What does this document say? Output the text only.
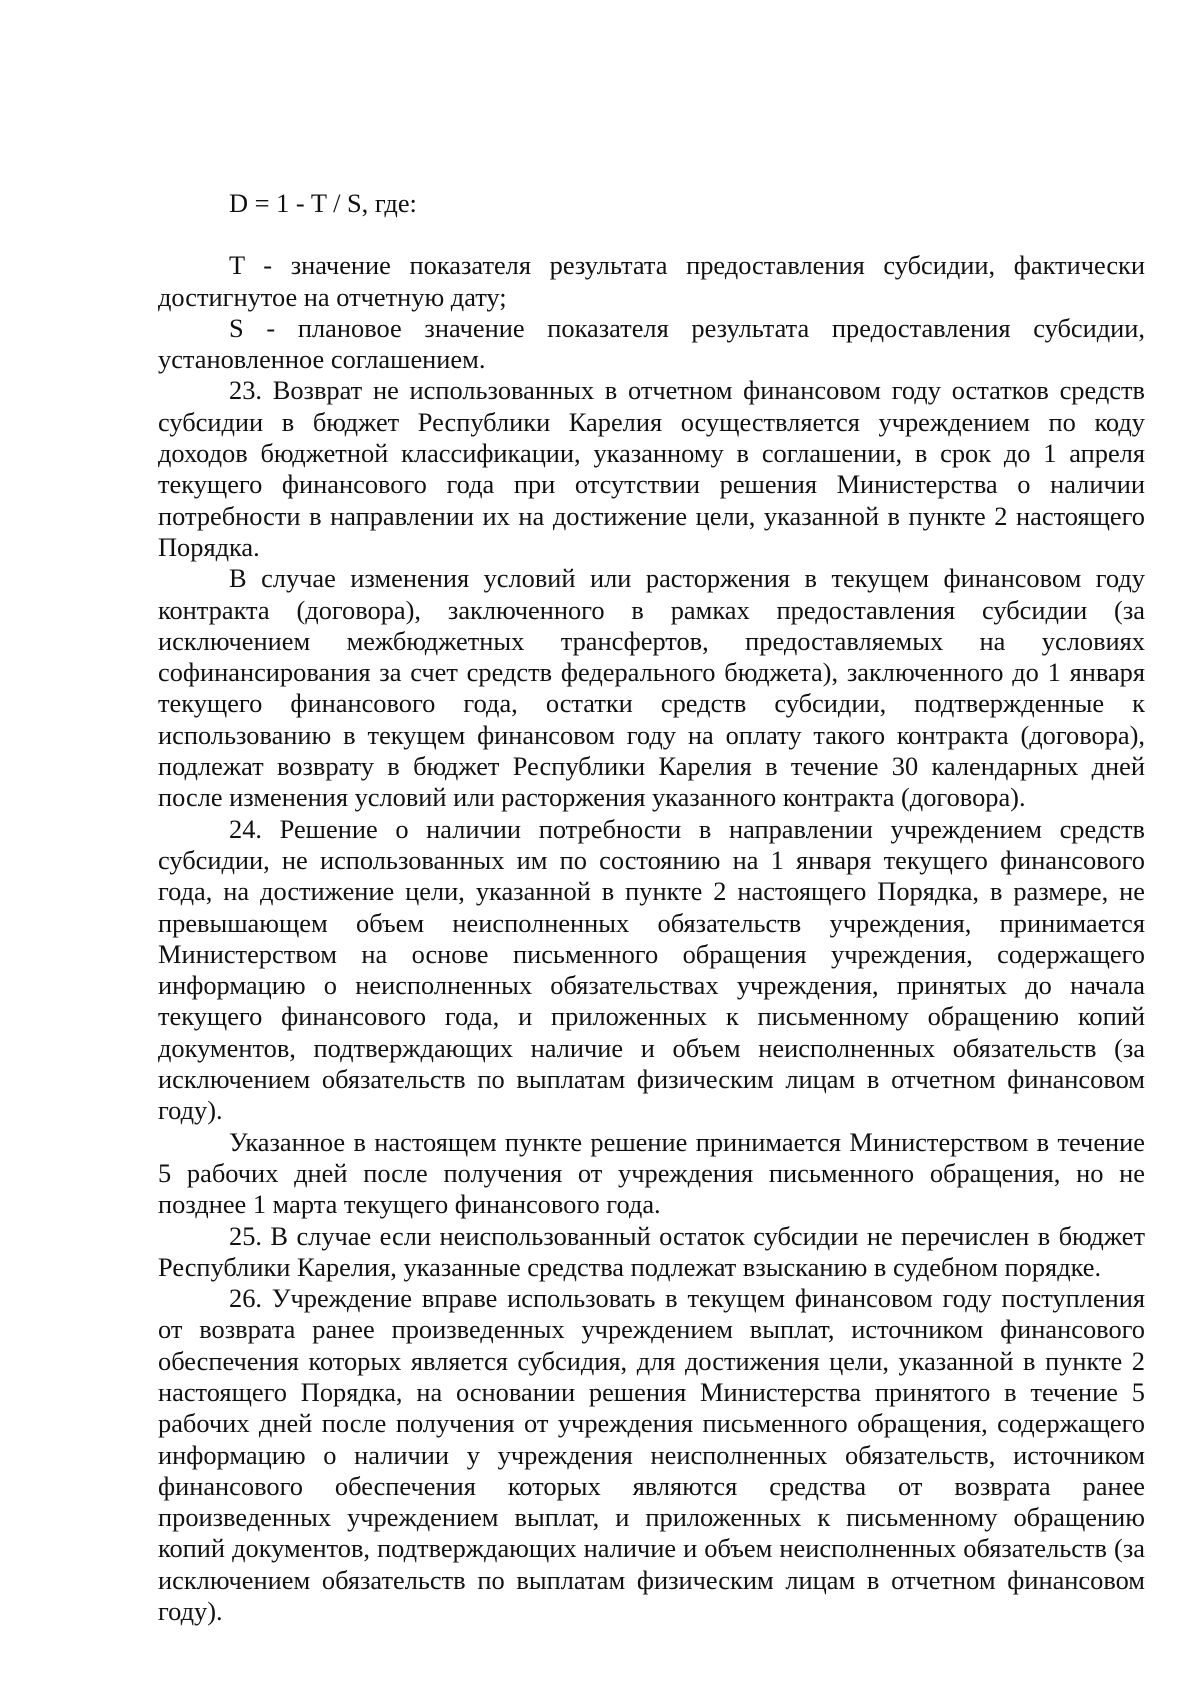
D = 1 - T / S, где:

T - значение показателя результата предоставления субсидии, фактически достигнутое на отчетную дату;

S - плановое значение показателя результата предоставления субсидии, установленное соглашением.

23. Возврат не использованных в отчетном финансовом году остатков средств субсидии в бюджет Республики Карелия осуществляется учреждением по коду доходов бюджетной классификации, указанному в соглашении, в срок до 1 апреля текущего финансового года при отсутствии решения Министерства о наличии потребности в направлении их на достижение цели, указанной в пункте 2 настоящего Порядка.

В случае изменения условий или расторжения в текущем финансовом году контракта (договора), заключенного в рамках предоставления субсидии (за исключением межбюджетных трансфертов, предоставляемых на условиях софинансирования за счет средств федерального бюджета), заключенного до 1 января текущего финансового года, остатки средств субсидии, подтвержденные к использованию в текущем финансовом году на оплату такого контракта (договора), подлежат возврату в бюджет Республики Карелия в течение 30 календарных дней после изменения условий или расторжения указанного контракта (договора).

24. Решение о наличии потребности в направлении учреждением средств субсидии, не использованных им по состоянию на 1 января текущего финансового года, на достижение цели, указанной в пункте 2 настоящего Порядка, в размере, не превышающем объем неисполненных обязательств учреждения, принимается Министерством на основе письменного обращения учреждения, содержащего информацию о неисполненных обязательствах учреждения, принятых до начала текущего финансового года, и приложенных к письменному обращению копий документов, подтверждающих наличие и объем неисполненных обязательств (за исключением обязательств по выплатам физическим лицам в отчетном финансовом году).

Указанное в настоящем пункте решение принимается Министерством в течение 5 рабочих дней после получения от учреждения письменного обращения, но не позднее 1 марта текущего финансового года.

25. В случае если неиспользованный остаток субсидии не перечислен в бюджет Республики Карелия, указанные средства подлежат взысканию в судебном порядке.

26. Учреждение вправе использовать в текущем финансовом году поступления от возврата ранее произведенных учреждением выплат, источником финансового обеспечения которых является субсидия, для достижения цели, указанной в пункте 2 настоящего Порядка, на основании решения Министерства принятого в течение 5 рабочих дней после получения от учреждения письменного обращения, содержащего информацию о наличии у учреждения неисполненных обязательств, источником финансового обеспечения которых являются средства от возврата ранее произведенных учреждением выплат, и приложенных к письменному обращению копий документов, подтверждающих наличие и объем неисполненных обязательств (за исключением обязательств по выплатам физическим лицам в отчетном финансовом году).
